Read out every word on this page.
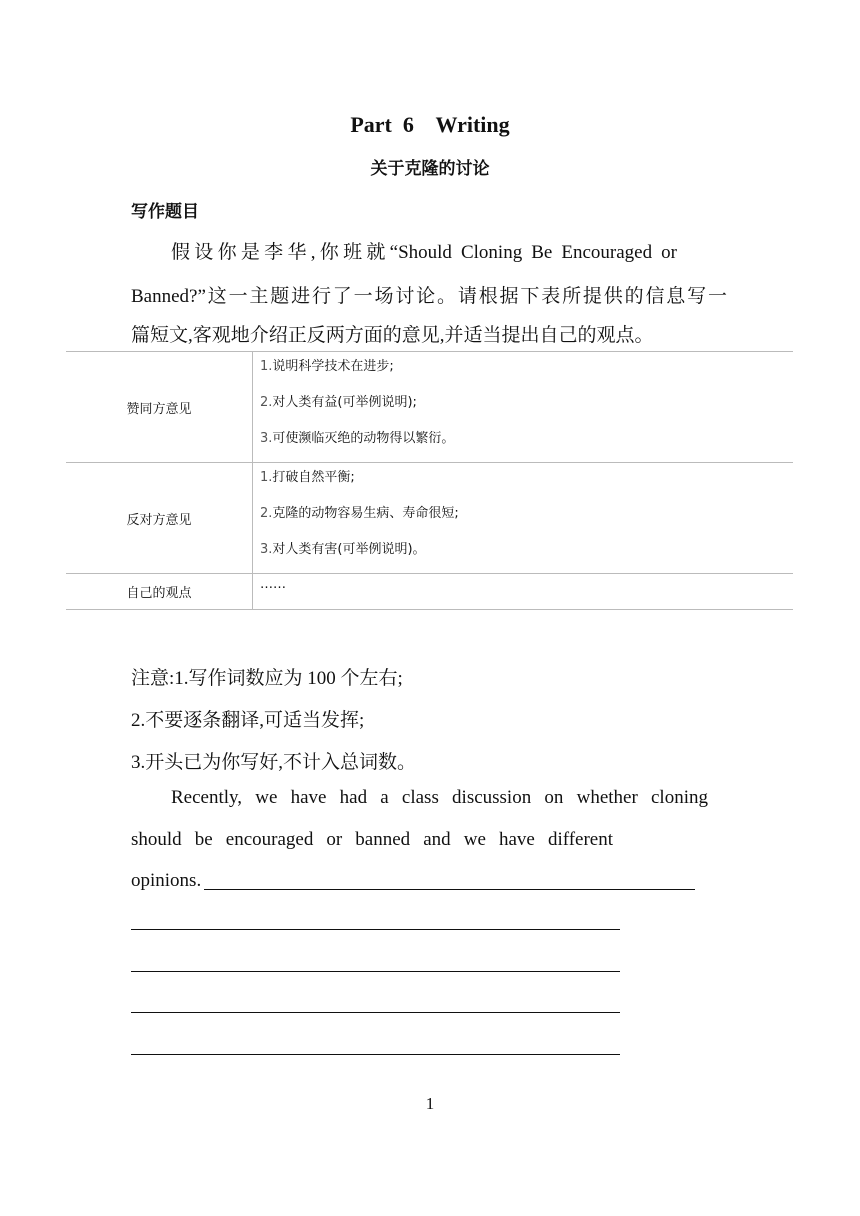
Part  6    Writing
关于克隆的讨论
写作题目
假设你是李华,你班就“Should Cloning Be Encouraged or
Banned?”这一主题进行了一场讨论。请根据下表所提供的信息写一
篇短文,客观地介绍正反两方面的意见,并适当提出自己的观点。
赞同方意见	1.说明科学技术在进步;
2.对人类有益(可举例说明);
3.可使濒临灭绝的动物得以繁衍。

反对方意见	1.打破自然平衡;
2.克隆的动物容易生病、寿命很短;
3.对人类有害(可举例说明)。

自己的观点	……
注意:1.写作词数应为 100 个左右;
2.不要逐条翻译,可适当发挥;
3.开头已为你写好,不计入总词数。
Recently, we have had a class discussion on whether cloning
should be encouraged or banned and we have different
opinions.
1
